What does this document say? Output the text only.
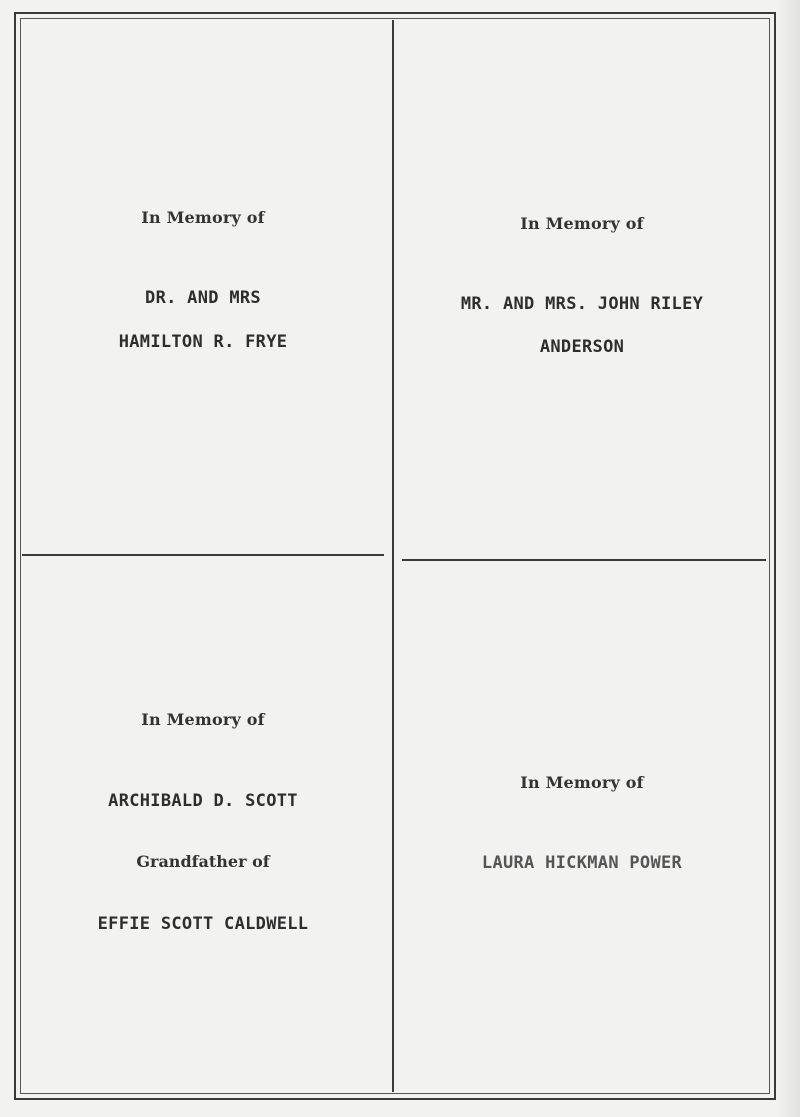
In Memory of
DR. AND MRS
HAMILTON R. FRYE
In Memory of
MR. AND MRS. JOHN RILEY
ANDERSON
In Memory of
ARCHIBALD D. SCOTT
Grandfather of
EFFIE SCOTT CALDWELL
In Memory of
LAURA HICKMAN POWER
